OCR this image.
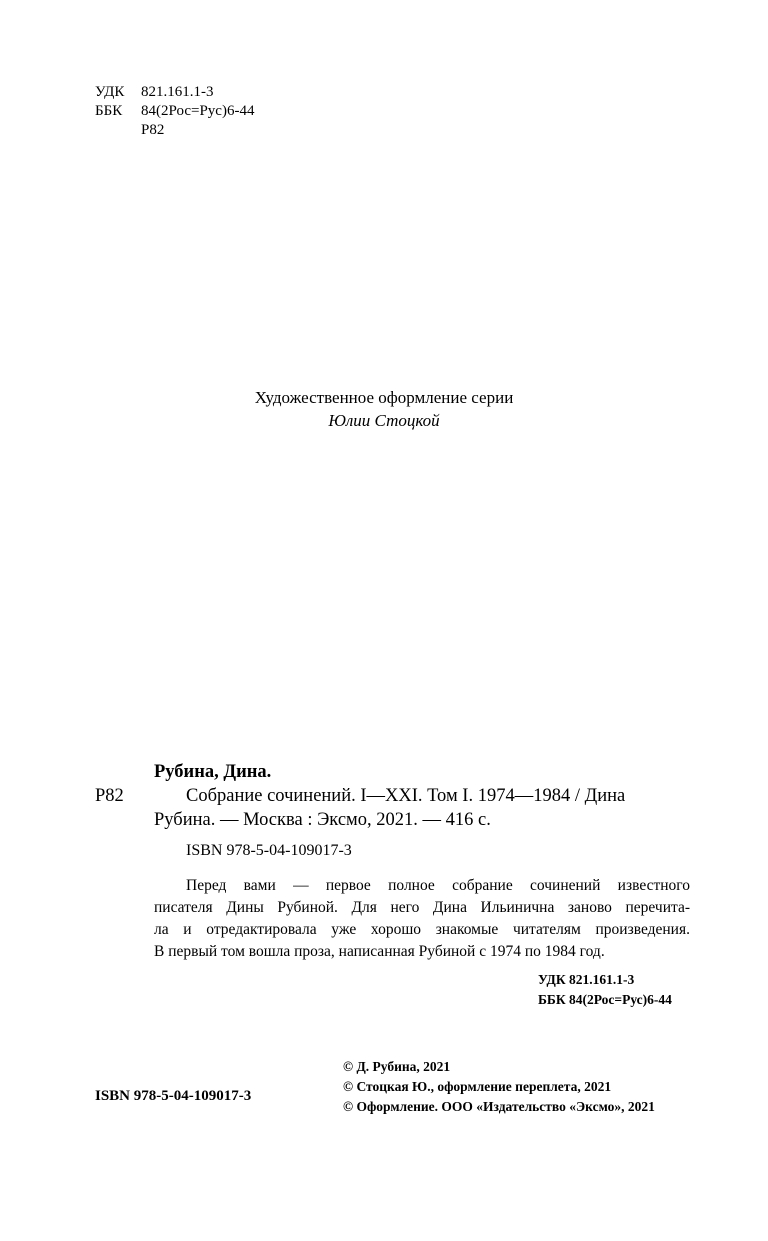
УДК	821.161.1-3
ББК	84(2Рос=Рус)6-44
Р82
Художественное оформление серии
Юлии Стоцкой
Рубина, Дина.
Р82	Собрание сочинений. I—XXI. Том I. 1974—1984 / Дина
Рубина. — Москва : Эксмо, 2021. — 416 с.
ISBN 978-5-04-109017-3
Перед вами — первое полное собрание сочинений известного
писателя Дины Рубиной. Для него Дина Ильинична заново перечита-
ла и отредактировала уже хорошо знакомые читателям произведения.
В первый том вошла проза, написанная Рубиной с 1974 по 1984 год.
УДК 821.161.1-3
ББК 84(2Рос=Рус)6-44
ISBN 978-5-04-109017-3
© Д. Рубина, 2021
© Стоцкая Ю., оформление переплета, 2021
© Оформление. ООО «Издательство «Эксмо», 2021
